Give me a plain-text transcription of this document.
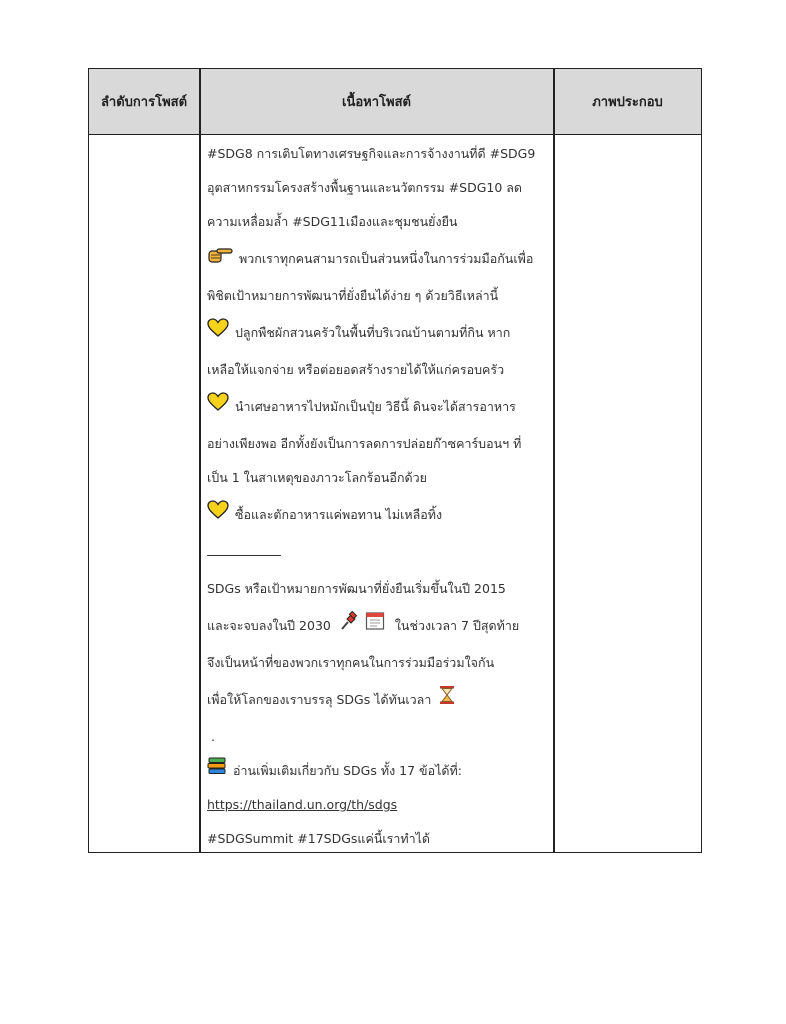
ลำดับการโพสต์	เนื้อหาโพสต์	ภาพประกอบ
#SDG8 การเติบโตทางเศรษฐกิจและการจ้างงานที่ดี #SDG9
อุตสาหกรรมโครงสร้างพื้นฐานและนวัตกรรม #SDG10 ลด
ความเหลื่อมล้ำ #SDG11เมืองและชุมชนยั่งยืน
พวกเราทุกคนสามารถเป็นส่วนหนึ่งในการร่วมมือกันเพื่อ
พิชิตเป้าหมายการพัฒนาที่ยั่งยืนได้ง่าย ๆ ด้วยวิธีเหล่านี้
ปลูกพืชผักสวนครัวในพื้นที่บริเวณบ้านตามที่กิน หาก
เหลือให้แจกจ่าย หรือต่อยอดสร้างรายได้ให้แก่ครอบครัว
นำเศษอาหารไปหมักเป็นปุ๋ย วิธีนี้ ดินจะได้สารอาหาร
อย่างเพียงพอ อีกทั้งยังเป็นการลดการปล่อยก๊าซคาร์บอนฯ ที่
เป็น 1 ในสาเหตุของภาวะโลกร้อนอีกด้วย
ซื้อและตักอาหารแค่พอทาน ไม่เหลือทิ้ง
SDGs หรือเป้าหมายการพัฒนาที่ยั่งยืนเริ่มขึ้นในปี 2015
และจะจบลงในปี 2030	ในช่วงเวลา 7 ปีสุดท้าย
จึงเป็นหน้าที่ของพวกเราทุกคนในการร่วมมือร่วมใจกัน
เพื่อให้โลกของเราบรรลุ SDGs ได้ทันเวลา
.
อ่านเพิ่มเติมเกี่ยวกับ SDGs ทั้ง 17 ข้อได้ที่:
https://thailand.un.org/th/sdgs
#SDGSummit #17SDGsแค่นี้เราทำได้
